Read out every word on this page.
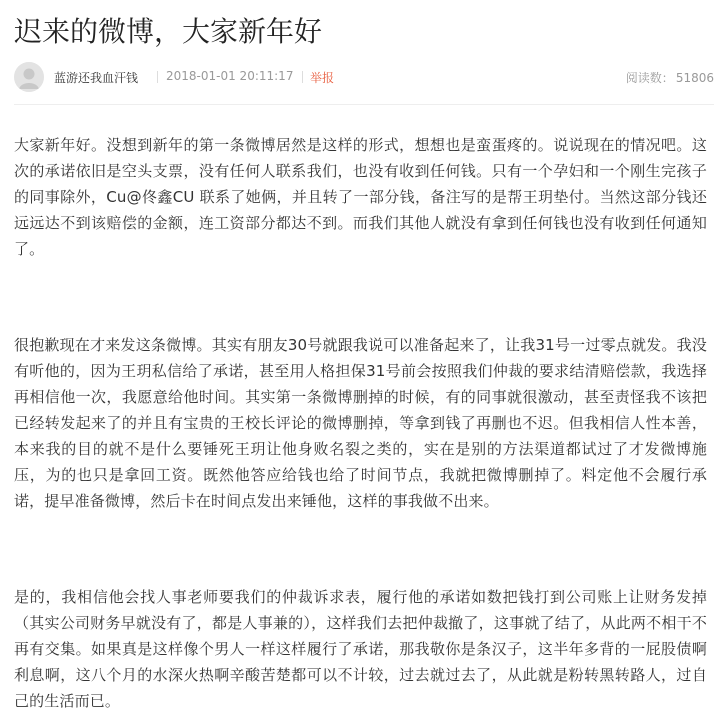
迟来的微博，大家新年好
蓝游还我血汗钱 2018-01-01 20:11:17 举报	阅读数： 51806

大家新年好。没想到新年的第一条微博居然是这样的形式，想想也是蛮蛋疼的。说说现在的情况吧。这次的承诺依旧是空头支票，没有任何人联系我们，也没有收到任何钱。只有一个孕妇和一个刚生完孩子的同事除外，Cu@佟鑫CU 联系了她俩，并且转了一部分钱，备注写的是帮王玥垫付。当然这部分钱还远远达不到该赔偿的金额，连工资部分都达不到。而我们其他人就没有拿到任何钱也没有收到任何通知了。

很抱歉现在才来发这条微博。其实有朋友30号就跟我说可以准备起来了，让我31号一过零点就发。我没有听他的，因为王玥私信给了承诺，甚至用人格担保31号前会按照我们仲裁的要求结清赔偿款，我选择再相信他一次，我愿意给他时间。其实第一条微博删掉的时候，有的同事就很激动，甚至责怪我不该把已经转发起来了的并且有宝贵的王校长评论的微博删掉，等拿到钱了再删也不迟。但我相信人性本善，本来我的目的就不是什么要锤死王玥让他身败名裂之类的，实在是别的方法渠道都试过了才发微博施压，为的也只是拿回工资。既然他答应给钱也给了时间节点，我就把微博删掉了。料定他不会履行承诺，提早准备微博，然后卡在时间点发出来锤他，这样的事我做不出来。

是的，我相信他会找人事老师要我们的仲裁诉求表，履行他的承诺如数把钱打到公司账上让财务发掉（其实公司财务早就没有了，都是人事兼的），这样我们去把仲裁撤了，这事就了结了，从此两不相干不再有交集。如果真是这样像个男人一样这样履行了承诺，那我敬你是条汉子，这半年多背的一屁股债啊利息啊，这八个月的水深火热啊辛酸苦楚都可以不计较，过去就过去了，从此就是粉转黑转路人，过自己的生活而已。
